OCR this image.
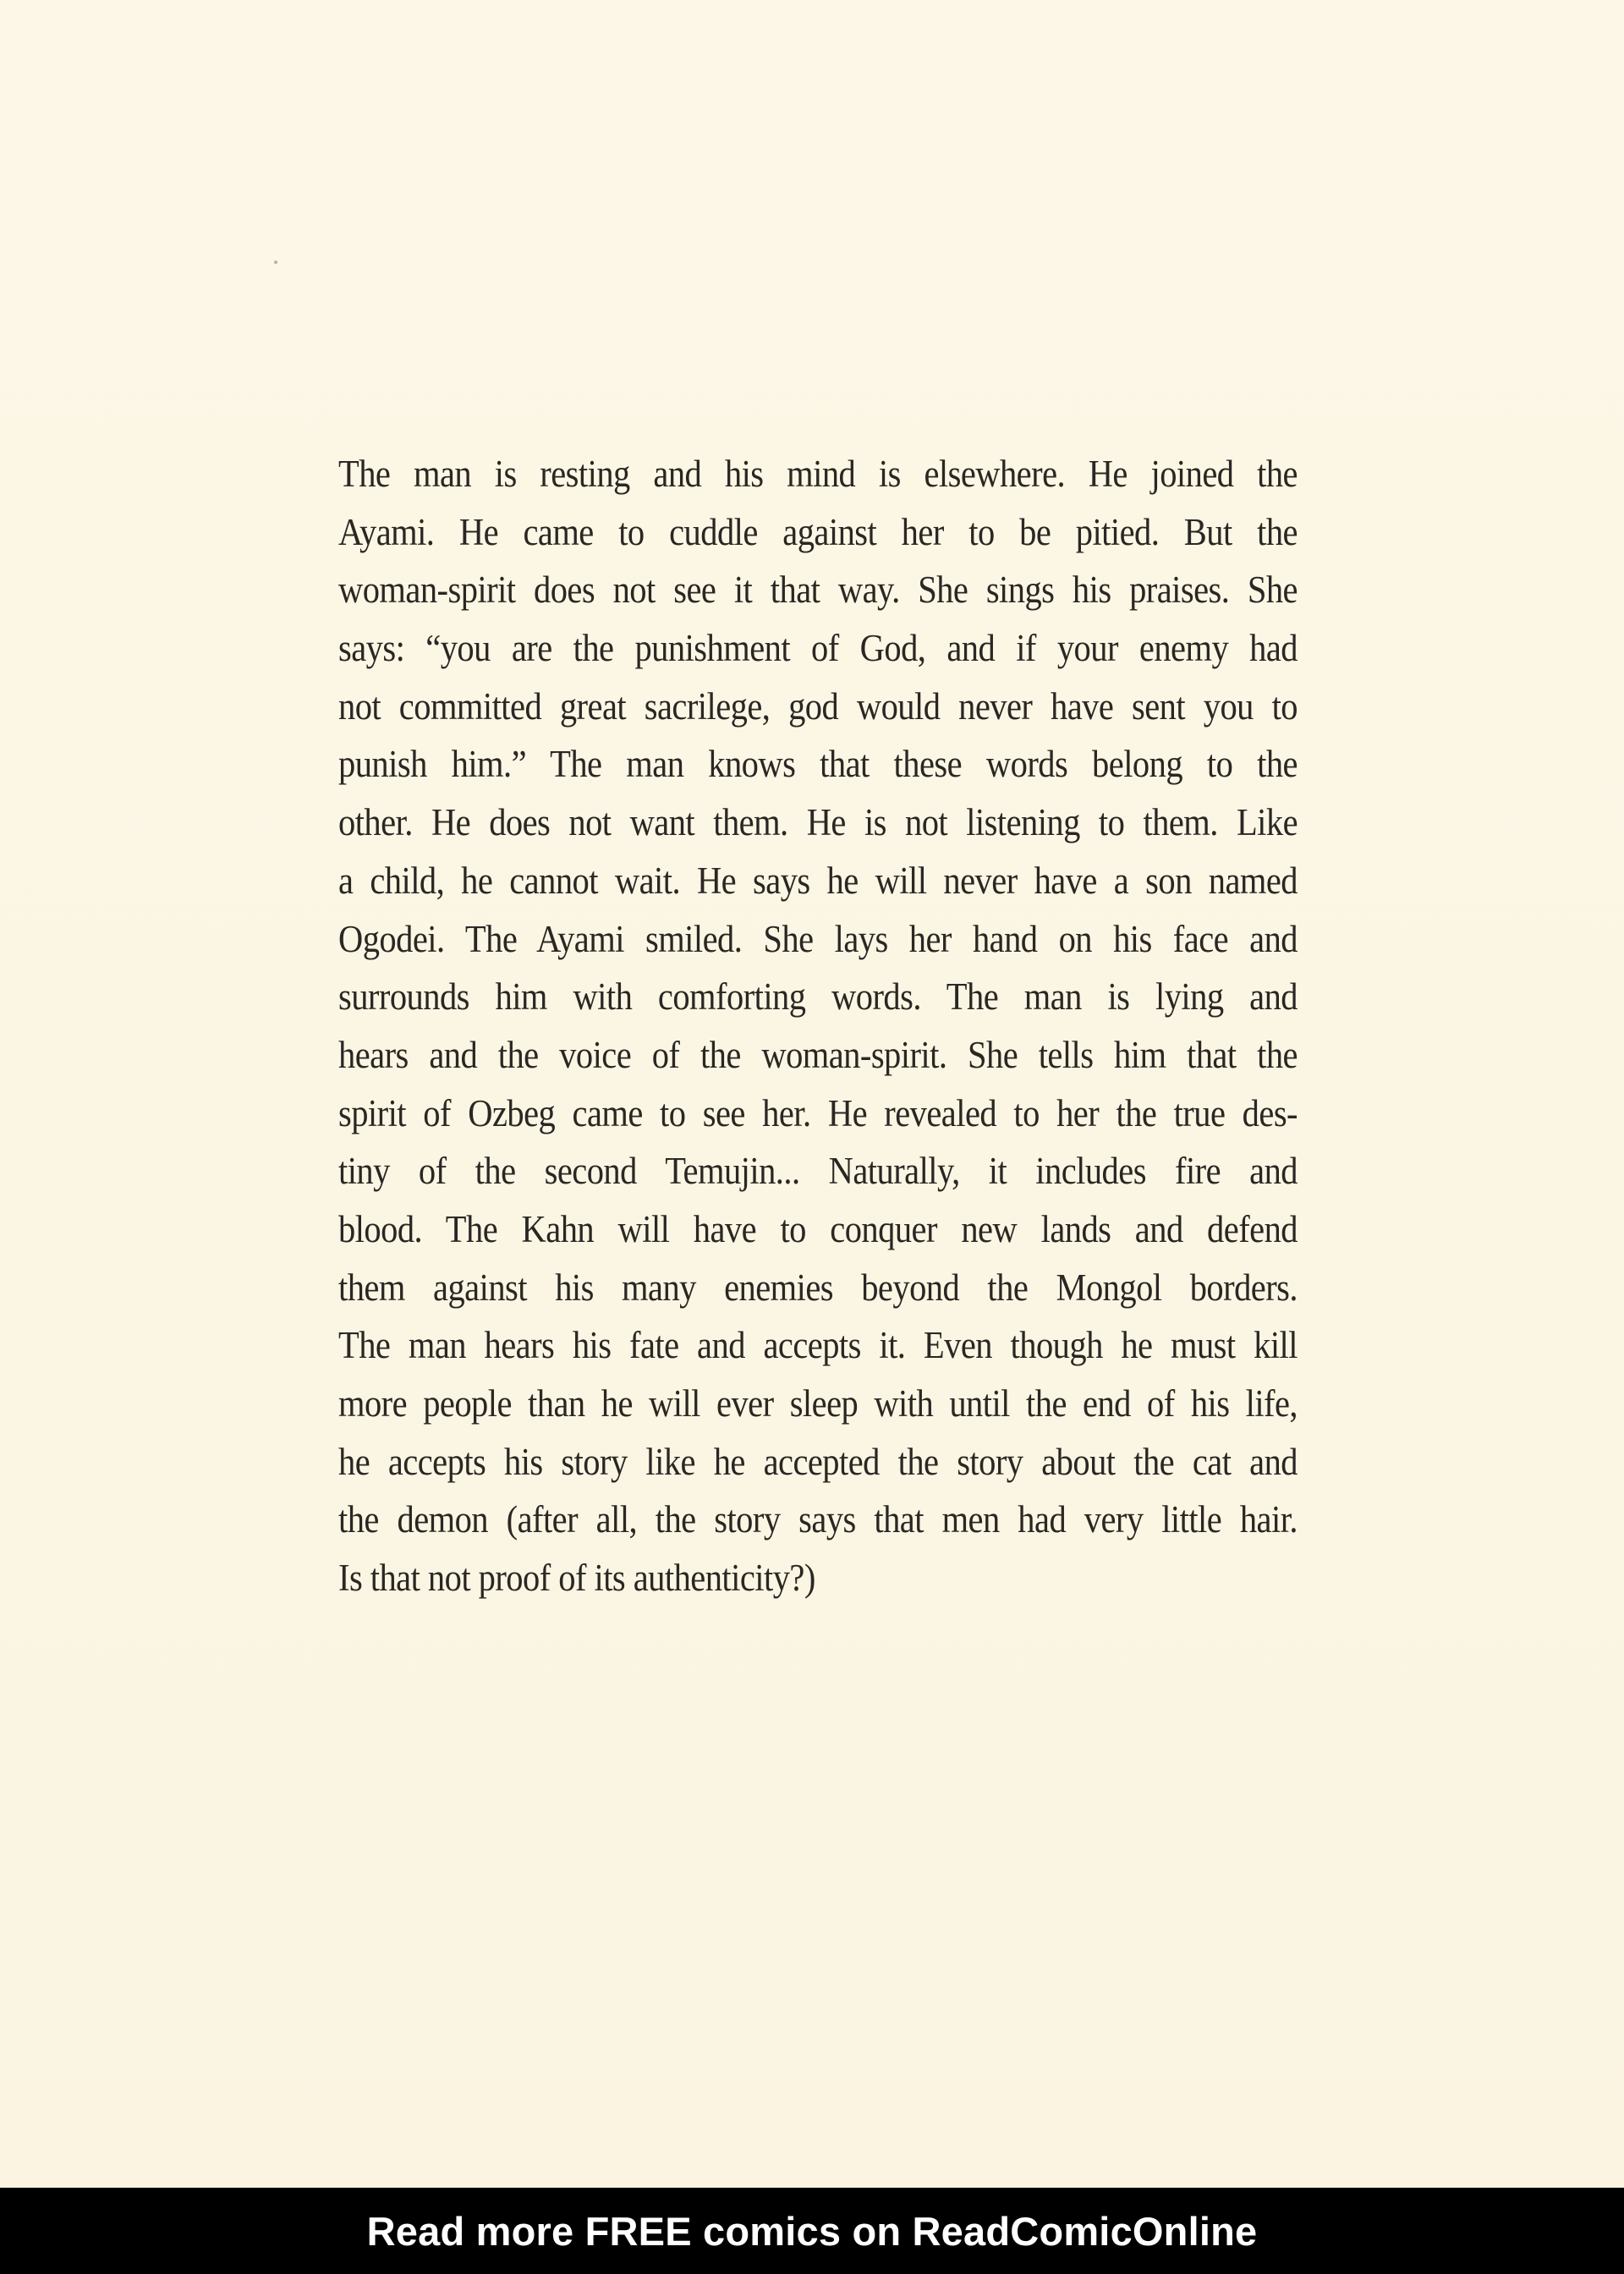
The man is resting and his mind is elsewhere. He joined the
Ayami. He came to cuddle against her to be pitied. But the
woman-spirit does not see it that way. She sings his praises. She
says: “you are the punishment of God, and if your enemy had
not committed great sacrilege, god would never have sent you to
punish him.” The man knows that these words belong to the
other. He does not want them. He is not listening to them. Like
a child, he cannot wait. He says he will never have a son named
Ogodei. The Ayami smiled. She lays her hand on his face and
surrounds him with comforting words. The man is lying and
hears and the voice of the woman-spirit. She tells him that the
spirit of Ozbeg came to see her. He revealed to her the true des-
tiny of the second Temujin... Naturally, it includes fire and
blood. The Kahn will have to conquer new lands and defend
them against his many enemies beyond the Mongol borders.
The man hears his fate and accepts it. Even though he must kill
more people than he will ever sleep with until the end of his life,
he accepts his story like he accepted the story about the cat and
the demon (after all, the story says that men had very little hair.
Is that not proof of its authenticity?)
Read more FREE comics on ReadComicOnline
